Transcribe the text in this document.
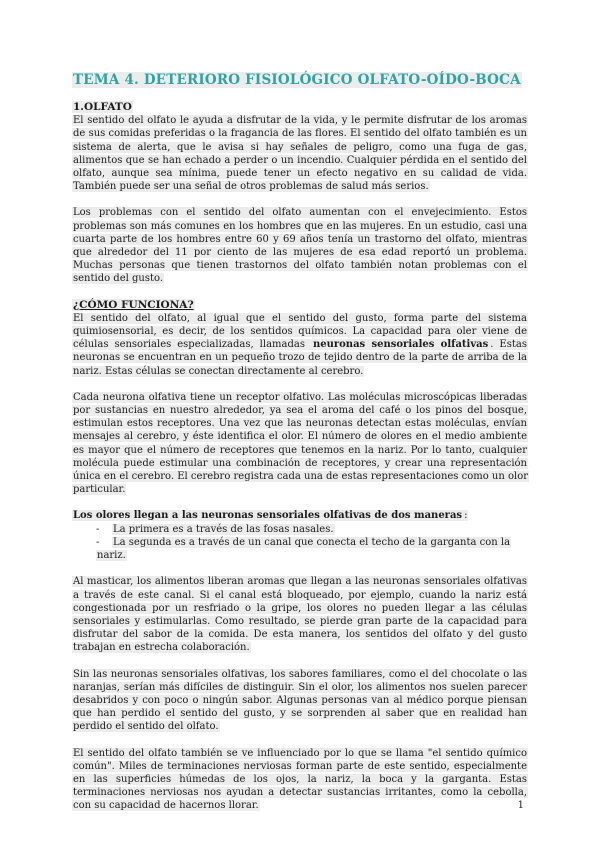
TEMA 4. DETERIORO FISIOLÓGICO OLFATO-OÍDO-BOCA
1.OLFATO

El sentido del olfato le ayuda a disfrutar de la vida, y le permite disfrutar de los aromas de sus comidas preferidas o la fragancia de las flores. El sentido del olfato también es un sistema de alerta, que le avisa si hay señales de peligro, como una fuga de gas, alimentos que se han echado a perder o un incendio. Cualquier pérdida en el sentido del olfato, aunque sea mínima, puede tener un efecto negativo en su calidad de vida. También puede ser una señal de otros problemas de salud más serios.

Los problemas con el sentido del olfato aumentan con el envejecimiento. Estos problemas son más comunes en los hombres que en las mujeres. En un estudio, casi una cuarta parte de los hombres entre 60 y 69 años tenía un trastorno del olfato, mientras que alrededor del 11 por ciento de las mujeres de esa edad reportó un problema. Muchas personas que tienen trastornos del olfato también notan problemas con el sentido del gusto.

¿CÓMO FUNCIONA?

El sentido del olfato, al igual que el sentido del gusto, forma parte del sistema quimiosensorial, es decir, de los sentidos químicos. La capacidad para oler viene de células sensoriales especializadas, llamadas neuronas sensoriales olfativas . Estas neuronas se encuentran en un pequeño trozo de tejido dentro de la parte de arriba de la nariz. Estas células se conectan directamente al cerebro.

Cada neurona olfativa tiene un receptor olfativo. Las moléculas microscópicas liberadas por sustancias en nuestro alrededor, ya sea el aroma del café o los pinos del bosque, estimulan estos receptores. Una vez que las neuronas detectan estas moléculas, envían mensajes al cerebro, y éste identifica el olor. El número de olores en el medio ambiente es mayor que el número de receptores que tenemos en la nariz. Por lo tanto, cualquier molécula puede estimular una combinación de receptores, y crear una representación única en el cerebro. El cerebro registra cada una de estas representaciones como un olor particular.

Los olores llegan a las neuronas sensoriales olfativas de dos maneras :

- La primera es a través de las fosas nasales.
- La segunda es a través de un canal que conecta el techo de la garganta con la nariz.

Al masticar, los alimentos liberan aromas que llegan a las neuronas sensoriales olfativas a través de este canal. Si el canal está bloqueado, por ejemplo, cuando la nariz está congestionada por un resfriado o la gripe, los olores no pueden llegar a las células sensoriales y estimularlas. Como resultado, se pierde gran parte de la capacidad para disfrutar del sabor de la comida. De esta manera, los sentidos del olfato y del gusto trabajan en estrecha colaboración.

Sin las neuronas sensoriales olfativas, los sabores familiares, como el del chocolate o las naranjas, serían más difíciles de distinguir. Sin el olor, los alimentos nos suelen parecer desabridos y con poco o ningún sabor. Algunas personas van al médico porque piensan que han perdido el sentido del gusto, y se sorprenden al saber que en realidad han perdido el sentido del olfato.

El sentido del olfato también se ve influenciado por lo que se llama "el sentido químico común". Miles de terminaciones nerviosas forman parte de este sentido, especialmente en las superficies húmedas de los ojos, la nariz, la boca y la garganta. Estas terminaciones nerviosas nos ayudan a detectar sustancias irritantes, como la cebolla, con su capacidad de hacernos llorar.	1
